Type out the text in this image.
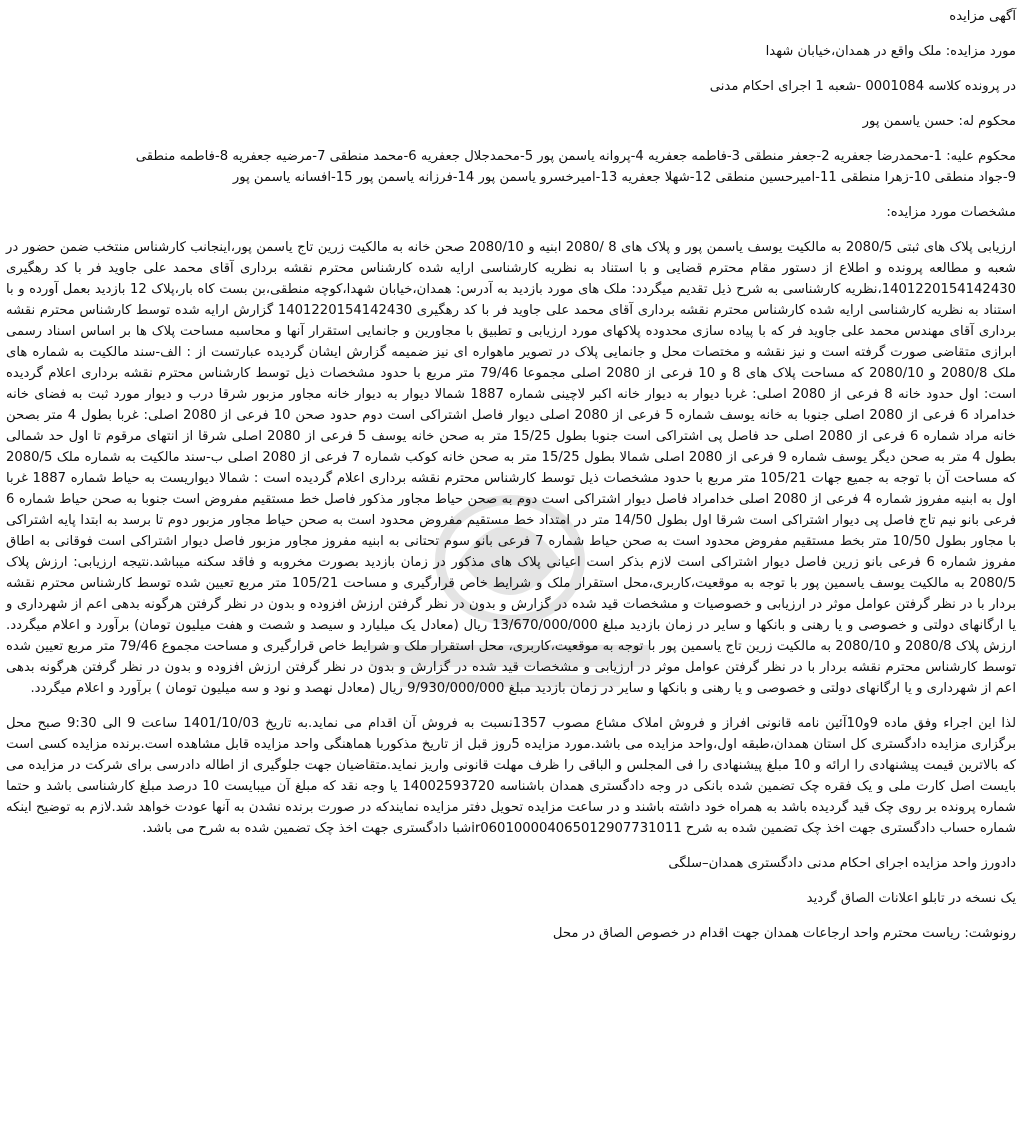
آگهی مزایده
مورد مزایده: ملک واقع در همدان،خیابان شهدا
در پرونده کلاسه 0001084 -شعبه 1 اجرای احکام مدنی
محکوم له: حسن یاسمن پور
محکوم علیه: 1-محمدرضا جعفریه 2-جعفر منطقی 3-فاطمه جعفریه 4-پروانه یاسمن پور 5-محمدجلال جعفریه 6-محمد منطقی 7-مرضیه جعفریه 8-فاطمه منطقی
9-جواد منطقی 10-زهرا منطقی 11-امیرحسین منطقی 12-شهلا جعفریه 13-امیرخسرو یاسمن پور 14-فرزانه یاسمن پور 15-افسانه یاسمن پور
مشخصات مورد مزایده:

ارزیابی پلاک های ثبتی 2080/5 به مالکیت یوسف یاسمن پور و پلاک های 8 /2080 ابنیه و 2080/10 صحن خانه به مالکیت زرین تاج یاسمن پور،اینجانب کارشناس منتخب ضمن حضور در شعبه و مطالعه پرونده و اطلاع از دستور مقام محترم قضایی و با استناد به نظریه کارشناسی ارایه شده کارشناس محترم نقشه برداری آقای محمد علی جاوید فر با کد رهگیری 1401220154142430،نظریه کارشناسی به شرح ذیل تقدیم میگردد: ملک های مورد بازدید به آدرس: همدان،خیابان شهدا،کوچه منطقی،بن بست کاه بار،پلاک 12 بازدید بعمل آورده و با استناد به نظریه کارشناسی ارایه شده کارشناس محترم نقشه برداری آقای محمد علی جاوید فر با کد رهگیری 1401220154142430 گزارش ارایه شده توسط کارشناس محترم نقشه برداری آقای مهندس محمد علی جاوید فر که با پیاده سازی محدوده پلاکهای مورد ارزیابی و تطبیق با مجاورین و جانمایی استقرار آنها و محاسبه مساحت پلاک ها بر اساس اسناد رسمی ابرازی متقاضی صورت گرفته است و نیز نقشه و مختصات محل و جانمایی پلاک در تصویر ماهواره ای نیز ضمیمه گزارش ایشان گردیده عبارتست از : الف-سند مالکیت به شماره های ملک 2080/8 و 2080/10 که مساحت پلاک های 8 و 10 فرعی از 2080 اصلی مجموعا 79/46 متر مربع با حدود مشخصات ذیل توسط کارشناس محترم نقشه برداری اعلام گردیده است: اول حدود خانه 8 فرعی از 2080 اصلی: غربا دیوار به دیوار خانه اکبر لاچینی شماره 1887 شمالا دیوار به دیوار خانه مجاور مزبور شرقا درب و دیوار مورد ثبت به فضای خانه خدامراد 6 فرعی از 2080 اصلی جنوبا به خانه یوسف شماره 5 فرعی از 2080 اصلی دیوار فاصل اشتراکی است دوم حدود صحن 10 فرعی از 2080 اصلی: غربا بطول 4 متر بصحن خانه مراد شماره 6 فرعی از 2080 اصلی حد فاصل پی اشتراکی است جنوبا بطول 15/25 متر به صحن خانه یوسف 5 فرعی از 2080 اصلی شرقا از انتهای مرقوم تا اول حد شمالی بطول 4 متر به صحن دیگر یوسف شماره 9 فرعی از 2080 اصلی شمالا بطول 15/25 متر به صحن خانه کوکب شماره 7 فرعی از 2080 اصلی ب-سند مالکیت به شماره ملک 2080/5 که مساحت آن با توجه به جمیع جهات 105/21 متر مربع با حدود مشخصات ذیل توسط کارشناس محترم نقشه برداری اعلام گردیده است : شمالا دیواریست به حیاط شماره 1887 غربا اول به ابنیه مفروز شماره 4 فرعی از 2080 اصلی خدامراد فاصل دیوار اشتراکی است دوم به صحن حیاط مجاور مذکور فاصل خط مستقیم مفروض است جنوبا به صحن حیاط شماره 6 فرعی بانو نیم تاج فاصل پی دیوار اشتراکی است شرقا اول بطول 14/50 متر در امتداد خط مستقیم مفروض محدود است به صحن حیاط مجاور مزبور دوم تا برسد به ابتدا پایه اشتراکی با مجاور بطول 10/50 متر بخط مستقیم مفروض محدود است به صحن حیاط شماره 7 فرعی بانو سوم تحتانی به ابنیه مفروز مجاور مزبور فاصل دیوار اشتراکی است فوقانی به اطاق مفروز شماره 6 فرعی بانو زرین فاصل دیوار اشتراکی است لازم بذکر است اعیانی پلاک های مذکور در زمان بازدید بصورت مخروبه و فاقد سکنه میباشد.نتیجه ارزیابی: ارزش پلاک 2080/5 به مالکیت یوسف یاسمین پور با توجه به موقعیت،کاربری،محل استقرار ملک و شرایط خاص قرارگیری و مساحت 105/21 متر مربع تعیین شده توسط کارشناس محترم نقشه بردار با در نظر گرفتن عوامل موثر در ارزیابی و خصوصیات و مشخصات قید شده در گزارش و بدون در نظر گرفتن ارزش افزوده و بدون در نظر گرفتن هرگونه بدهی اعم از شهرداری و یا ارگانهای دولتی و خصوصی و یا رهنی و بانکها و سایر در زمان بازدید مبلغ 13/670/000/000 ریال (معادل یک میلیارد و سیصد و شصت و هفت میلیون تومان) برآورد و اعلام میگردد. ارزش پلاک 2080/8 و 2080/10 به مالکیت زرین تاج یاسمین پور با توجه به موقعیت،کاربری، محل استقرار ملک و شرایط خاص قرارگیری و مساحت مجموع 79/46 متر مربع تعیین شده توسط کارشناس محترم نقشه بردار با در نظر گرفتن عوامل موثر در ارزیابی و مشخصات قید شده در گزارش و بدون در نظر گرفتن ارزش افزوده و بدون در نظر گرفتن هرگونه بدهی اعم از شهرداری و یا ارگانهای دولتی و خصوصی و یا رهنی و بانکها و سایر در زمان بازدید مبلغ 9/930/000/000 ریال (معادل نهصد و نود و سه میلیون تومان ) برآورد و اعلام میگردد.

لذا این اجراء وفق ماده 9و10آئین نامه قانونی افراز و فروش املاک مشاع مصوب 1357نسبت به فروش آن اقدام می نماید.به تاریخ 1401/10/03 ساعت 9 الی 9:30 صبح محل برگزاری مزایده دادگستری کل استان همدان،طبقه اول،واحد مزایده می باشد.مورد مزایده 5روز قبل از تاریخ مذکوربا هماهنگی واحد مزایده قابل مشاهده است.برنده مزایده کسی است که بالاترین قیمت پیشنهادی را ارائه و 10 مبلغ پیشنهادی را فی المجلس و الباقی را ظرف مهلت قانونی واریز نماید.متقاضیان جهت جلوگیری از اطاله دادرسی برای شرکت در مزایده می بایست اصل کارت ملی و یک فقره چک تضمین شده بانکی در وجه دادگستری همدان باشناسه 14002593720 یا وجه نقد که مبلغ آن میبایست 10 درصد مبلغ کارشناسی باشد و حتما شماره پرونده بر روی چک قید گردیده باشد به همراه خود داشته باشند و در ساعت مزایده تحویل دفتر مزایده نمایندکه در صورت برنده نشدن به آنها عودت خواهد شد.لازم به توضیح اینکه شماره حساب دادگستری جهت اخذ چک تضمین شده به شرح ir060100004065012907731011شبا دادگستری جهت اخذ چک تضمین شده به شرح می باشد.

دادورز واحد مزایده اجرای احکام مدنی دادگستری همدان–سلگی
یک نسخه در تابلو اعلانات الصاق گردید
رونوشت: ریاست محترم واحد ارجاعات همدان جهت اقدام در خصوص الصاق در محل
